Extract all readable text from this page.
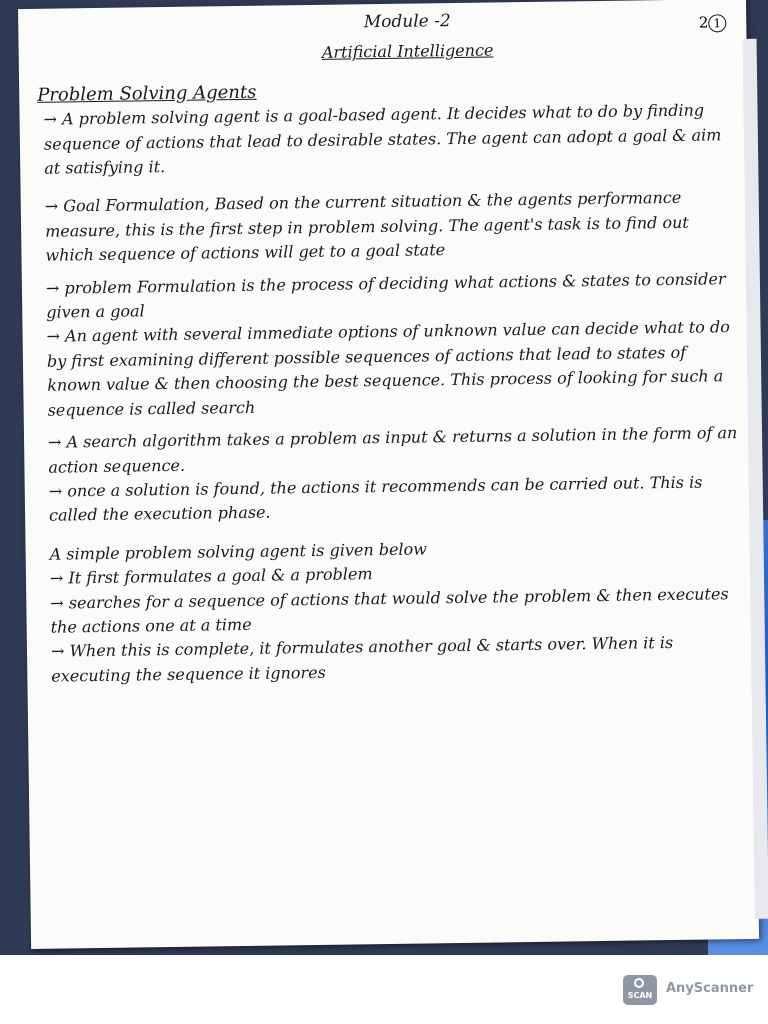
2 1
Module -2
Artificial Intelligence
Problem Solving Agents

→ A problem solving agent is a goal-based agent. It decides what to do by finding sequence of actions that lead to desirable states. The agent can adopt a goal & aim at satisfying it.

→ Goal Formulation, Based on the current situation & the agents performance measure, this is the first step in problem solving. The agent's task is to find out which sequence of actions will get to a goal state

→ problem Formulation is the process of deciding what actions & states to consider given a goal

→ An agent with several immediate options of unknown value can decide what to do by first examining different possible sequences of actions that lead to states of known value & then choosing the best sequence. This process of looking for such a sequence is called search

→ A search algorithm takes a problem as input & returns a solution in the form of an action sequence.

→ once a solution is found, the actions it recommends can be carried out. This is called the execution phase.

A simple problem solving agent is given below

→ It first formulates a goal & a problem

→ searches for a sequence of actions that would solve the problem & then executes the actions one at a time

→ When this is complete, it formulates another goal & starts over. When it is executing the sequence it ignores

SCAN	AnyScanner
